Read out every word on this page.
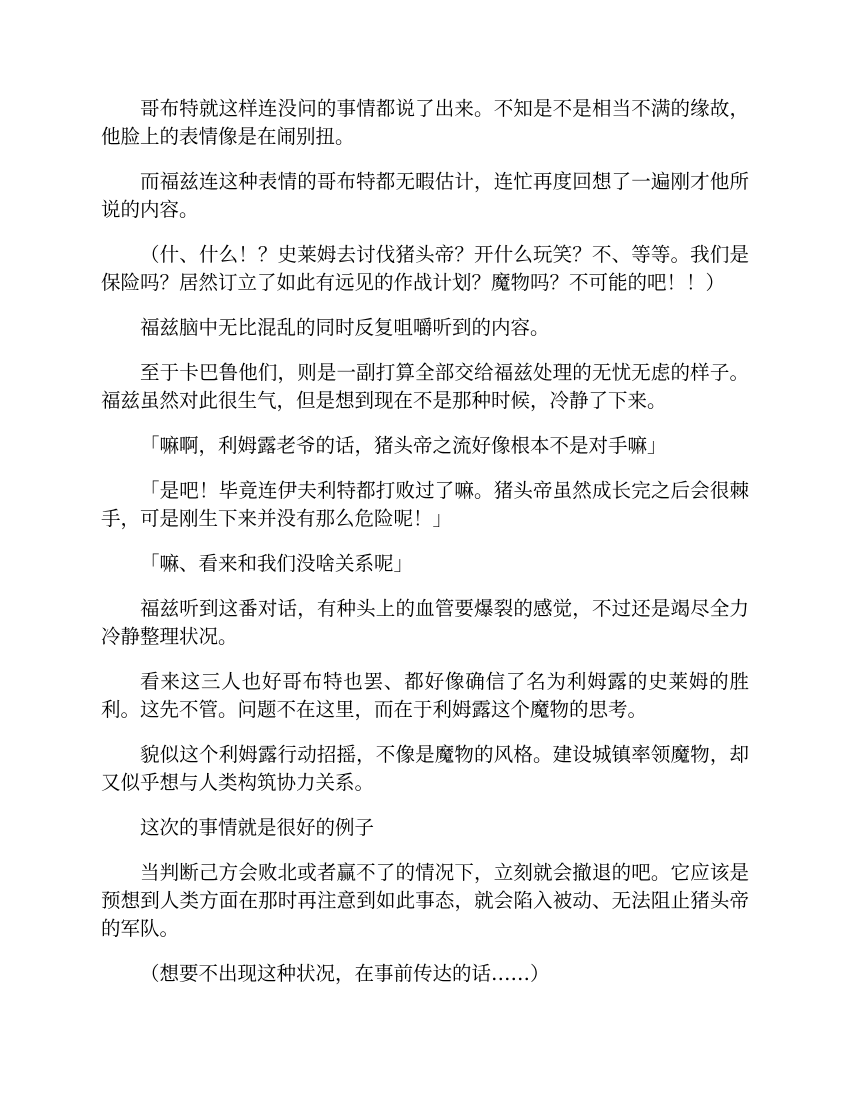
哥布特就这样连没问的事情都说了出来。不知是不是相当不满的缘故，他脸上的表情像是在闹别扭。

而福兹连这种表情的哥布特都无暇估计，连忙再度回想了一遍刚才他所说的内容。

（什、什么！？史莱姆去讨伐猪头帝？开什么玩笑？不、等等。我们是保险吗？居然订立了如此有远见的作战计划？魔物吗？不可能的吧！！）

福兹脑中无比混乱的同时反复咀嚼听到的内容。

至于卡巴鲁他们，则是一副打算全部交给福兹处理的无忧无虑的样子。福兹虽然对此很生气，但是想到现在不是那种时候，冷静了下来。

「嘛啊，利姆露老爷的话，猪头帝之流好像根本不是对手嘛」

「是吧！毕竟连伊夫利特都打败过了嘛。猪头帝虽然成长完之后会很棘手，可是刚生下来并没有那么危险呢！」

「嘛、看来和我们没啥关系呢」

福兹听到这番对话，有种头上的血管要爆裂的感觉，不过还是竭尽全力冷静整理状况。

看来这三人也好哥布特也罢、都好像确信了名为利姆露的史莱姆的胜利。这先不管。问题不在这里，而在于利姆露这个魔物的思考。

貌似这个利姆露行动招摇，不像是魔物的风格。建设城镇率领魔物，却又似乎想与人类构筑协力关系。

这次的事情就是很好的例子

当判断己方会败北或者赢不了的情况下，立刻就会撤退的吧。它应该是预想到人类方面在那时再注意到如此事态，就会陷入被动、无法阻止猪头帝的军队。

（想要不出现这种状况，在事前传达的话……）
